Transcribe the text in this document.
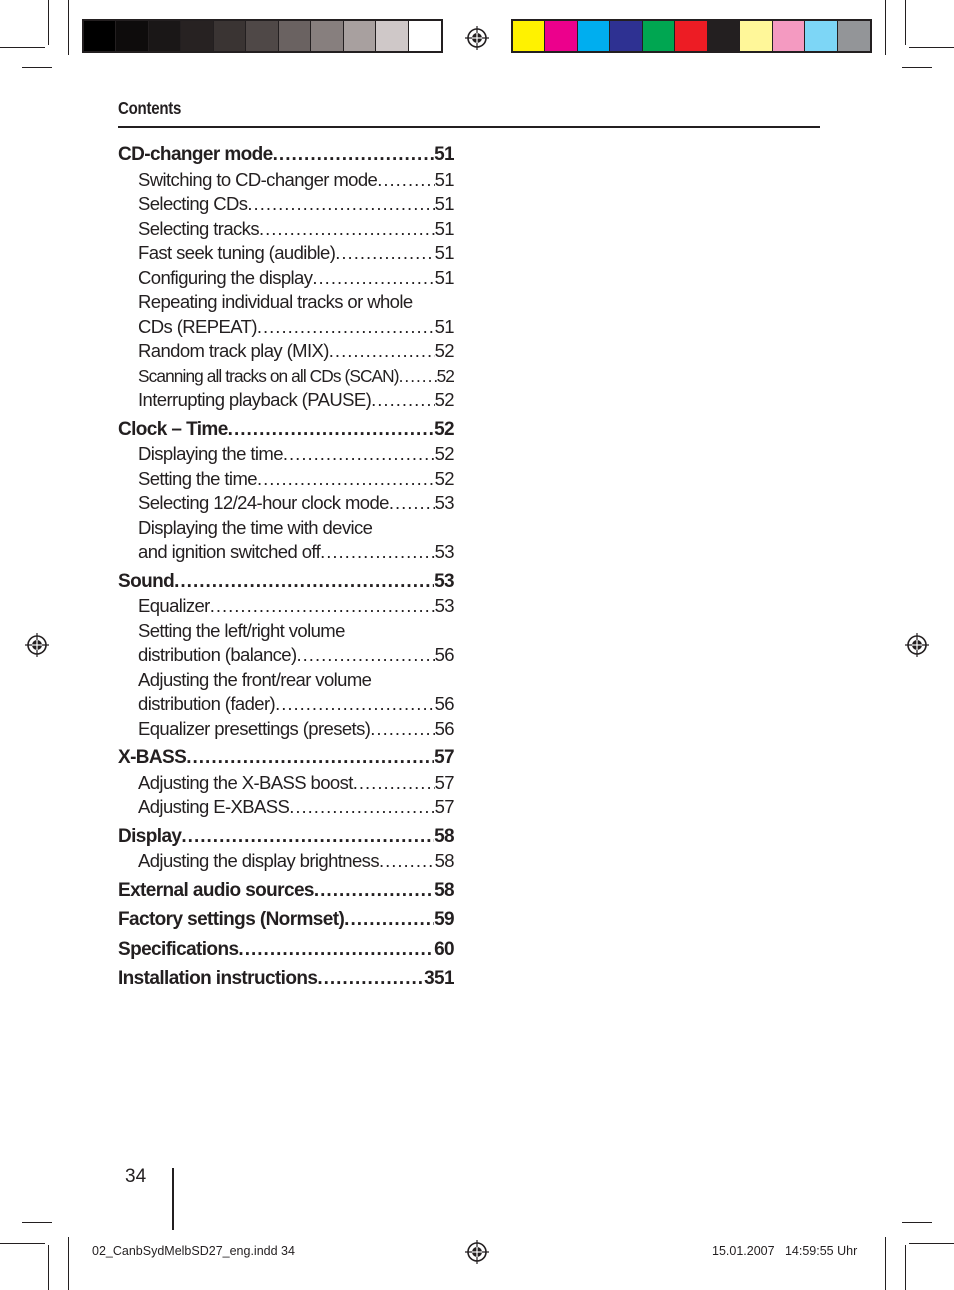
Contents
CD-changer mode .....	51
Switching to CD-changer mode .....	51
Selecting CDs .....	51
Selecting tracks .....	51
Fast seek tuning (audible) .....	51
Configuring the display .....	51
Repeating individual tracks or whole
CDs (REPEAT) .....	51
Random track play (MIX) .....	52
Scanning all tracks on all CDs (SCAN) ..... 52
Interrupting playback (PAUSE) .....	52
Clock – Time .....	52
Displaying the time .....	52
Setting the time .....	52
Selecting 12/24-hour clock mode ..... 53
Displaying the time with device
and ignition switched off .....	53
Sound .....	53
Equalizer .....	53
Setting the left/right volume
distribution (balance) .....	56
Adjusting the front/rear volume
distribution (fader) .....	56
Equalizer presettings (presets) .....	56
X-BASS .....	57
Adjusting the X-BASS boost .....	57
Adjusting E-XBASS .....	57
Display .....	58
Adjusting the display brightness .....	58
External audio sources .....	58
Factory settings (Normset) .....	59
Specifications .....	60
Installation instructions .....	351
34
02_CanbSydMelbSD27_eng.indd 34	15.01.2007   14:59:55 Uhr
